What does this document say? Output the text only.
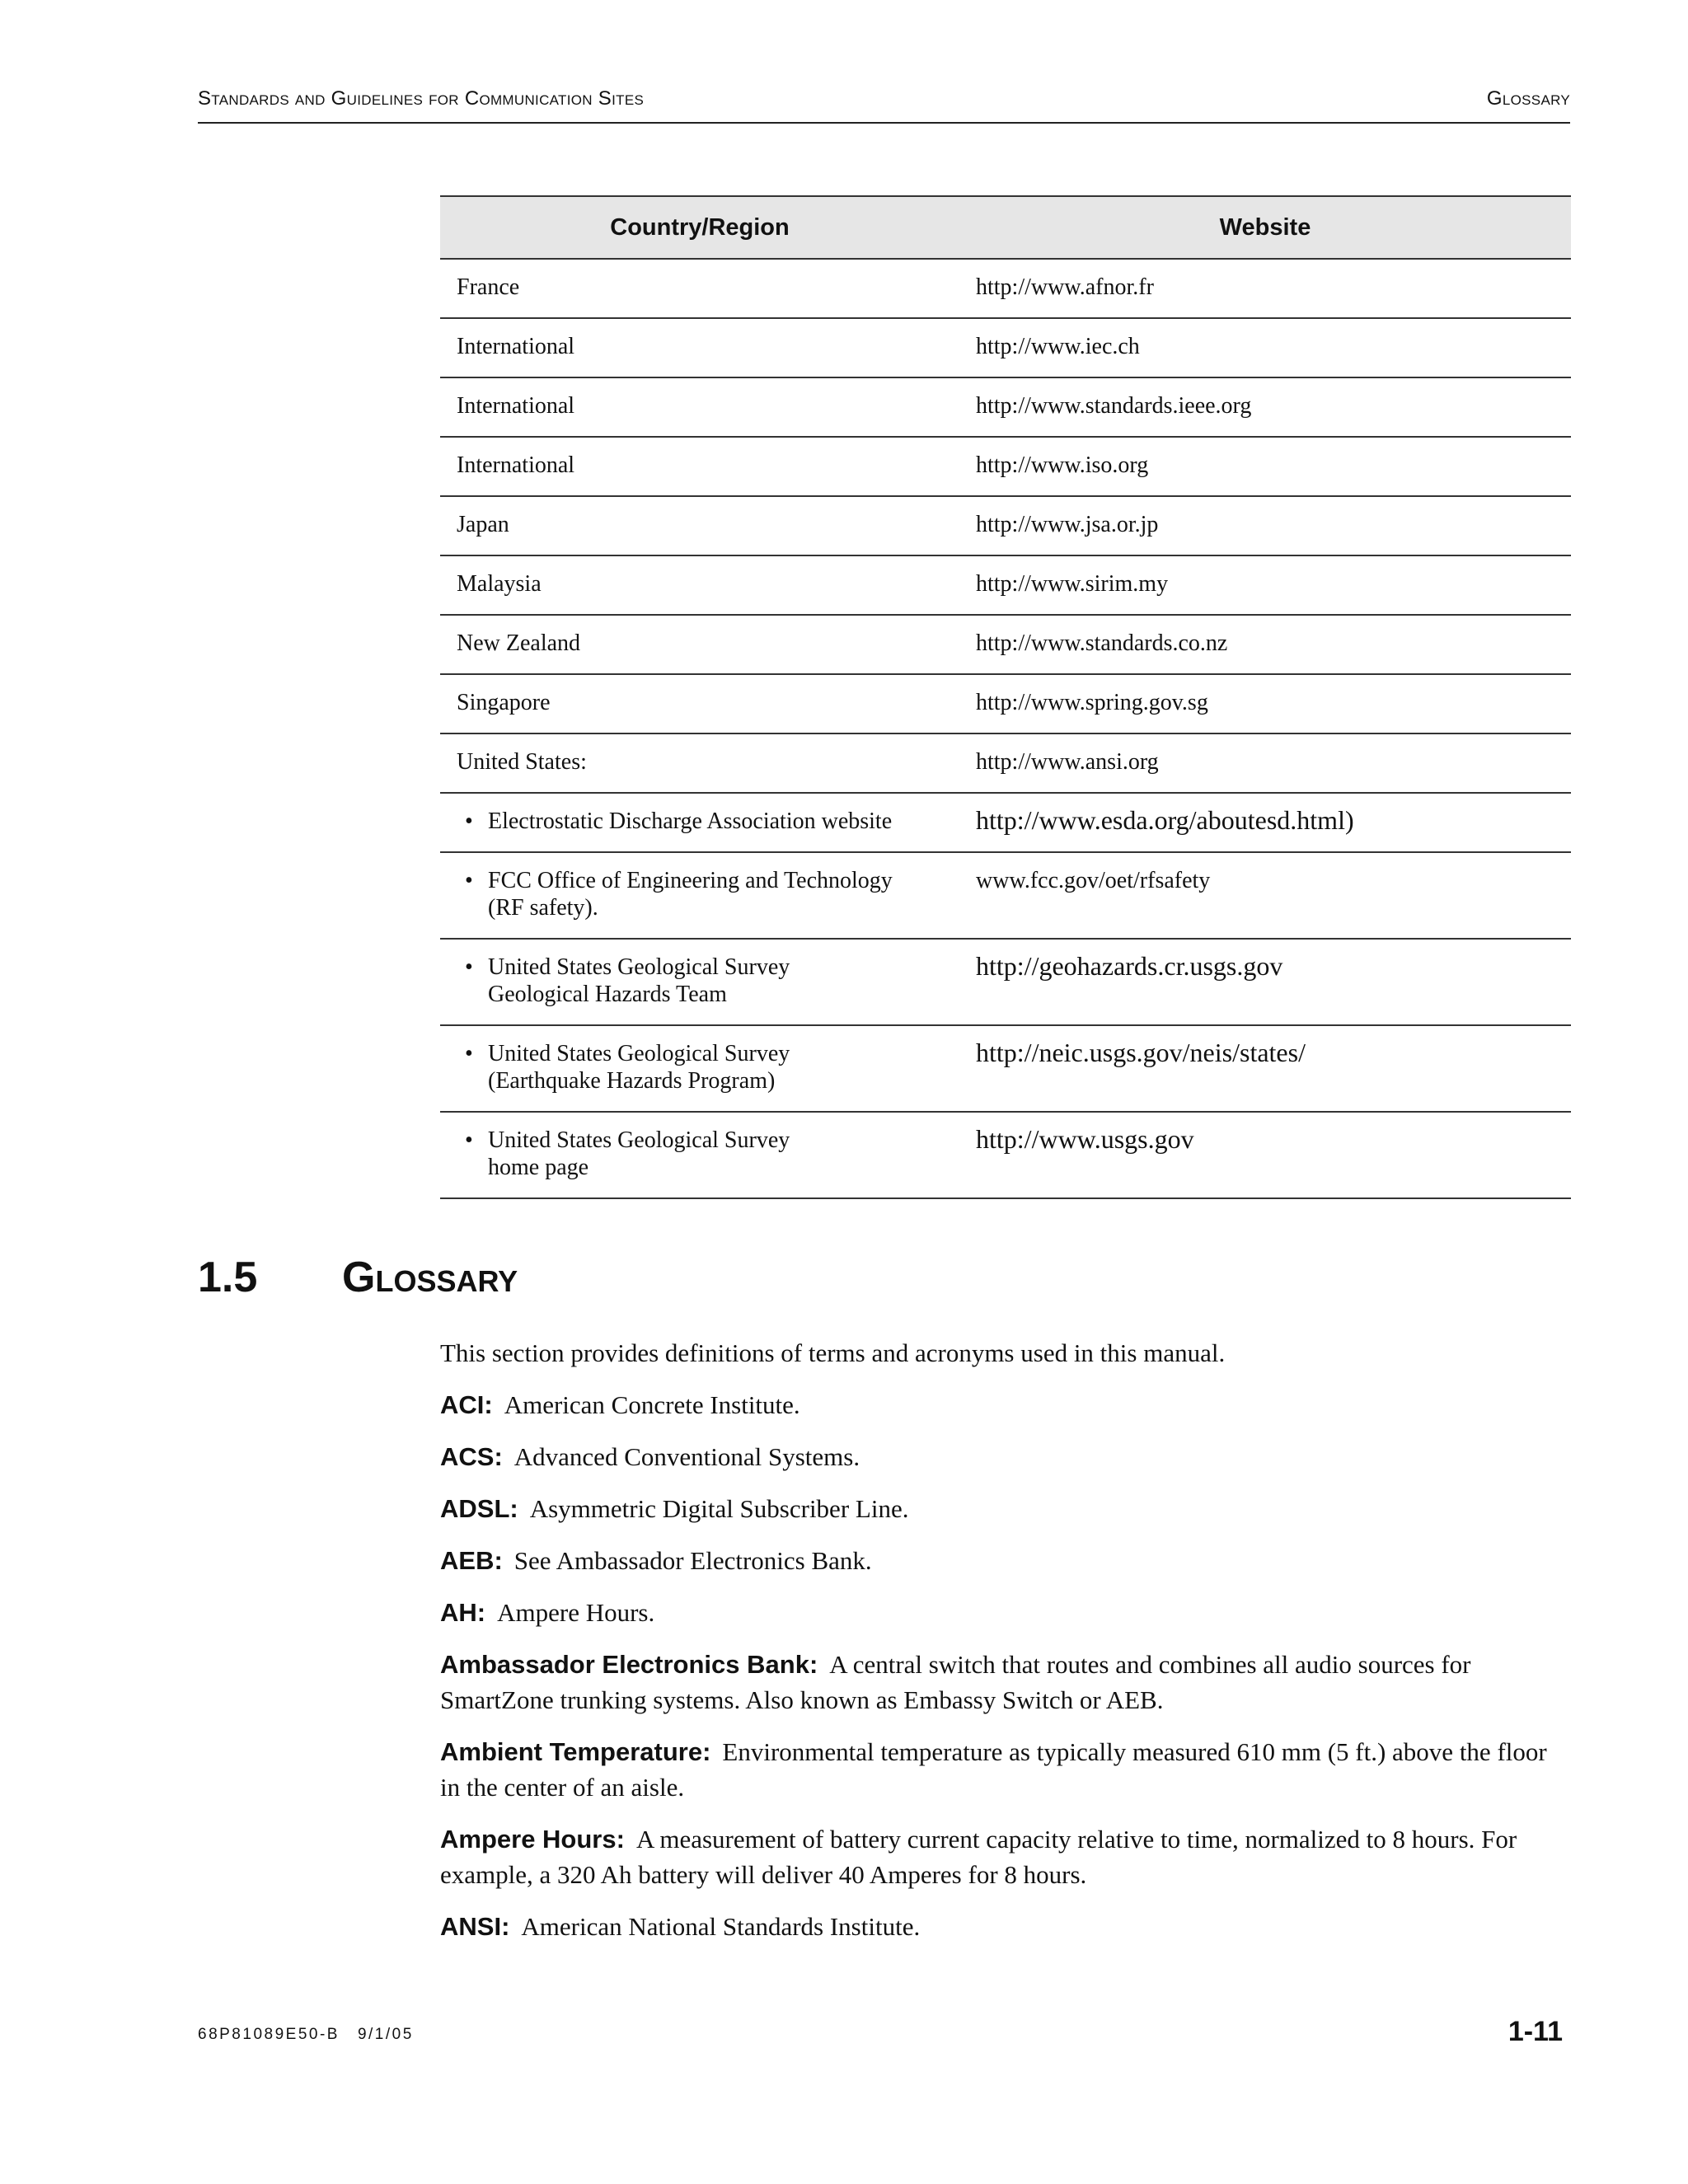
Standards and Guidelines for Communication Sites	Glossary
Country/Region	Website
France	http://www.afnor.fr
International	http://www.iec.ch
International	http://www.standards.ieee.org
International	http://www.iso.org
Japan	http://www.jsa.or.jp
Malaysia	http://www.sirim.my
New Zealand	http://www.standards.co.nz
Singapore	http://www.spring.gov.sg
United States:	http://www.ansi.org

• Electrostatic Discharge Association website	http://www.esda.org/aboutesd.html)

• FCC Office of Engineering and Technology
(RF safety).	www.fcc.gov/oet/rfsafety

• United States Geological Survey
Geological Hazards Team	http://geohazards.cr.usgs.gov

• United States Geological Survey
(Earthquake Hazards Program)	http://neic.usgs.gov/neis/states/

• United States Geological Survey
home page	http://www.usgs.gov
1.5 Glossary

This section provides definitions of terms and acronyms used in this manual.

ACI: American Concrete Institute.

ACS: Advanced Conventional Systems.

ADSL: Asymmetric Digital Subscriber Line.

AEB: See Ambassador Electronics Bank.

AH: Ampere Hours.

Ambassador Electronics Bank: A central switch that routes and combines all audio sources for SmartZone trunking systems. Also known as Embassy Switch or AEB.

Ambient Temperature: Environmental temperature as typically measured 610 mm (5 ft.) above the floor in the center of an aisle.

Ampere Hours: A measurement of battery current capacity relative to time, normalized to 8 hours. For example, a 320 Ah battery will deliver 40 Amperes for 8 hours.

ANSI: American National Standards Institute.

68P81089E50-B 9/1/05	1-11
